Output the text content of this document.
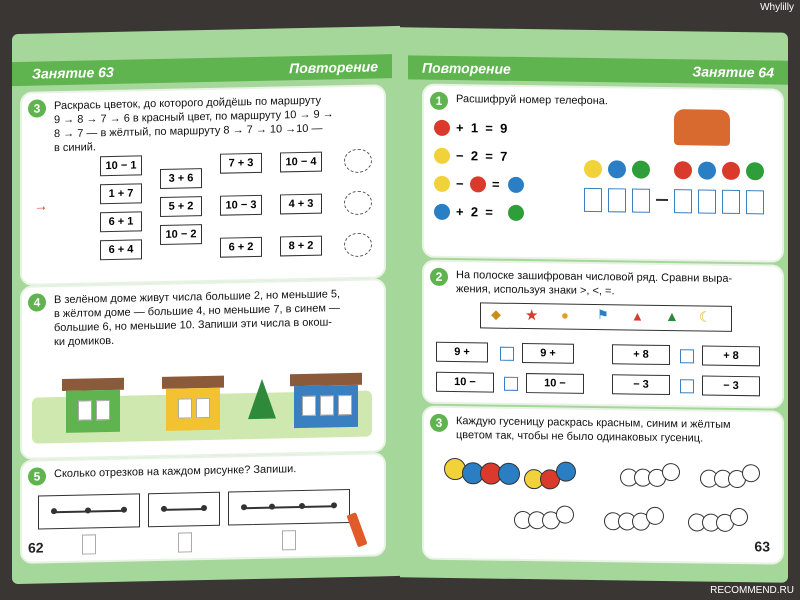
Занятие 63	Повторение
3	Раскрась цветок, до которого дойдёшь по маршруту
9 → 8 → 7 → 6 в красный цвет, по маршруту 10 → 9 →
8 → 7 — в жёлтый, по маршруту 8 → 7 → 10 →10 —
в синий.
→
10 − 1
1 + 7
6 + 1
6 + 4
3 + 6
5 + 2
10 − 2
7 + 3
10 − 3
6 + 2
10 − 4
4 + 3
8 + 2
4	В зелёном доме живут числа большие 2, но меньшие 5,
в жёлтом доме — большие 4, но меньшие 7, в синем —
большие 6, но меньшие 10. Запиши эти числа в окош-
ки домиков.
5	Сколько отрезков на каждом рисунке? Запиши.
62
Повторение	Занятие 64
1	Расшифруй номер телефона.
+ 1  =  9
− 2  =  7
− =
+ 2  =
2	На полоске зашифрован числовой ряд. Сравни выра-
жения, используя знаки >, <, =.
◆ ★ ● ⚑ ▲ ▲ ☾
9 +	9 +	+ 8	+ 8
10 −	10 −	− 3	− 3
3	Каждую гусеницу раскрась красным, синим и жёлтым
цветом так, чтобы не было одинаковых гусениц.
63
Whylilly
RECOMMEND.RU
